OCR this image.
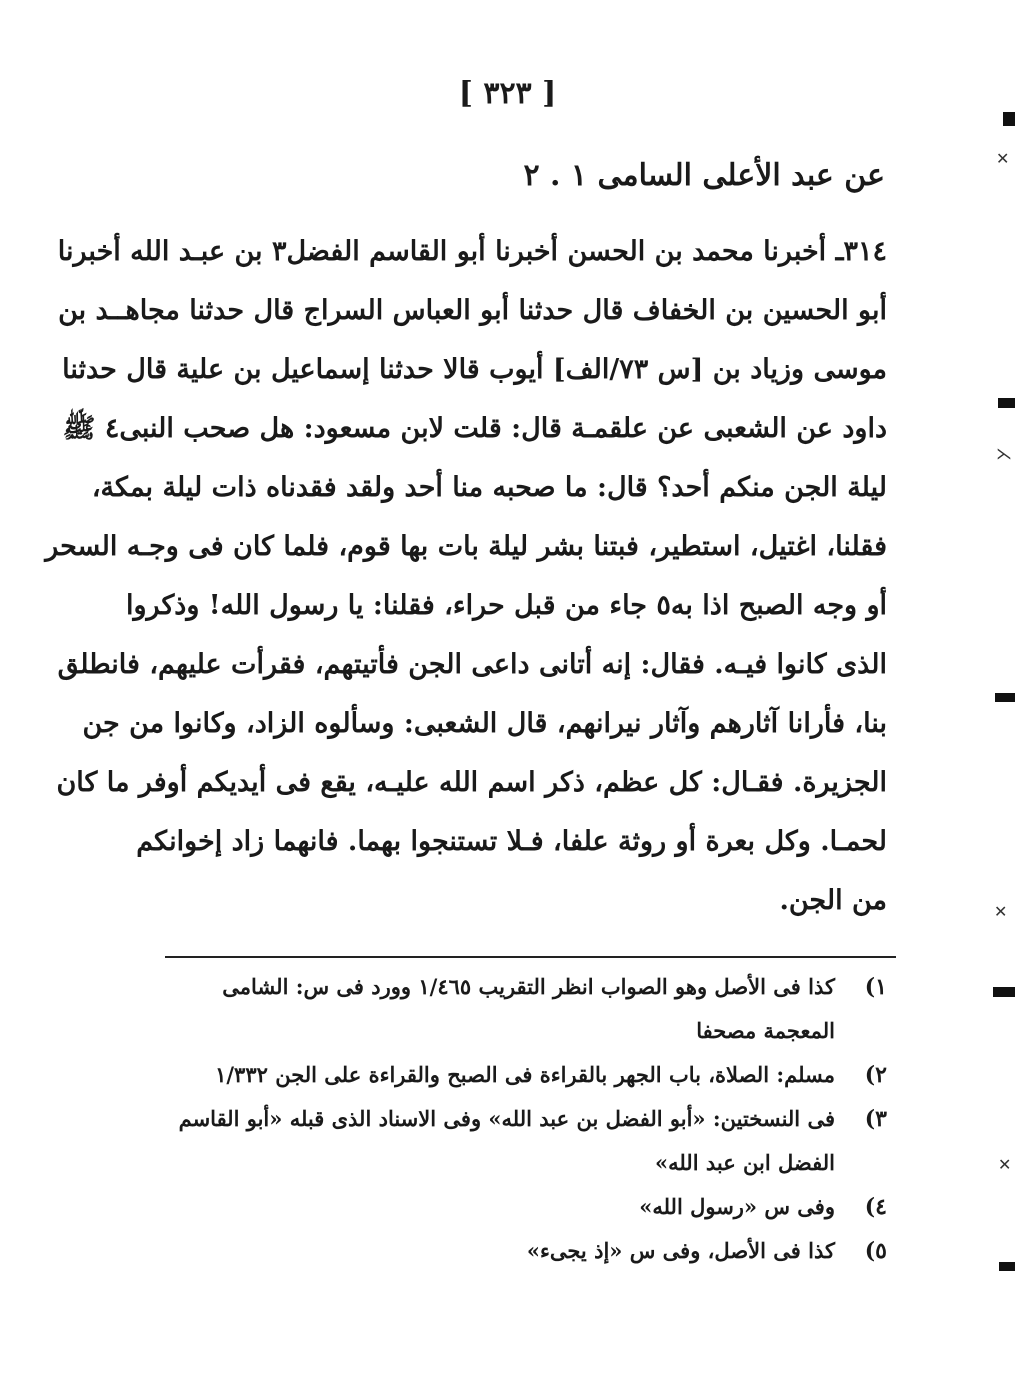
[ ٣٢٣ ]
عن عبد الأعلى السامى ١ . ٢
٣١٤ـ أخبرنا محمد بن الحسن أخبرنا أبو القاسم الفضل٣ بن عبـد الله أخبرنا
أبو الحسين بن الخفاف قال حدثنا أبو العباس السراج قال حدثنا مجاهــد بن
موسى وزياد بن [س ٧٣/الف] أيوب قالا حدثنا إسماعيل بن علية قال حدثنا
داود عن الشعبى عن علقمـة قال: قلت لابن مسعود: هل صحب النبى٤ ﷺ
ليلة الجن منكم أحد؟ قال: ما صحبه منا أحد ولقد فقدناه ذات ليلة بمكة،
فقلنا، اغتيل، استطير، فبتنا بشر ليلة بات بها قوم، فلما كان فى وجـه السحر
أو وجه الصبح اذا به٥ جاء من قبل حراء، فقلنا: يا رسول الله! وذكروا
الذى كانوا فيـه. فقال: إنه أتانى داعى الجن فأتيتهم، فقرأت عليهم، فانطلق
بنا، فأرانا آثارهم وآثار نيرانهم، قال الشعبى: وسألوه الزاد، وكانوا من جن
الجزيرة. فقـال: كل عظم، ذكر اسم الله عليـه، يقع فى أيديكم أوفر ما كان
لحمـا. وكل بعرة أو روثة علفا، فـلا تستنجوا بهما. فانهما زاد إخوانكم
من الجن.
١)
كذا فى الأصل وهو الصواب انظر التقريب ١/٤٦٥ وورد فى س: الشامى المعجمة مصحفا
٢)
مسلم: الصلاة، باب الجهر بالقراءة فى الصبح والقراءة على الجن ١/٣٣٢
٣)
فى النسختين: «أبو الفضل بن عبد الله» وفى الاسناد الذى قبله «أبو القاسم الفضل ابن عبد الله»
٤)
وفى س «رسول الله»
٥)
كذا فى الأصل، وفى س «إذ يجىء»
✕
⋋
✕
✕
